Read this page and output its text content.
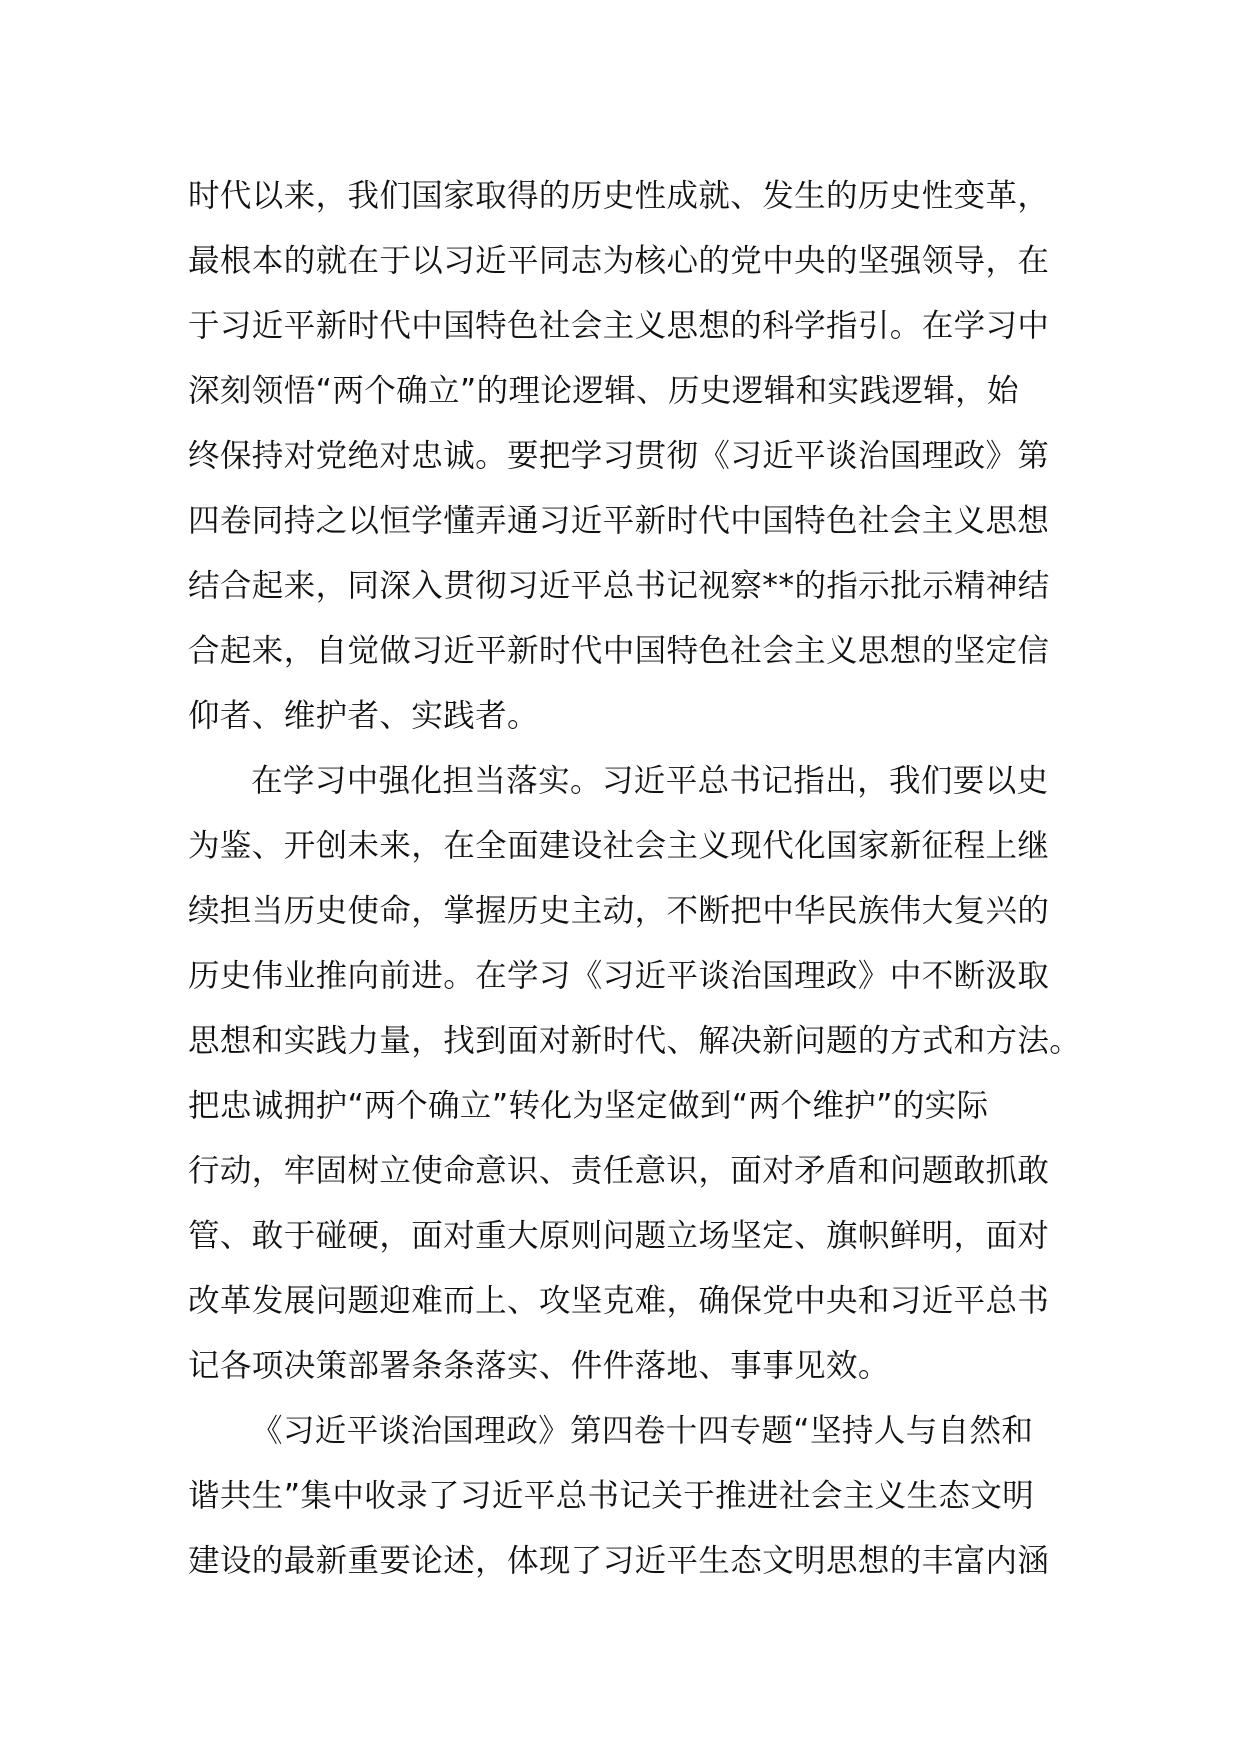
时代以来，我们国家取得的历史性成就、发生的历史性变革，
最根本的就在于以习近平同志为核心的党中央的坚强领导，在
于习近平新时代中国特色社会主义思想的科学指引。在学习中
深刻领悟“两个确立”的理论逻辑、历史逻辑和实践逻辑，始
终保持对党绝对忠诚。要把学习贯彻《习近平谈治国理政》第
四卷同持之以恒学懂弄通习近平新时代中国特色社会主义思想
结合起来，同深入贯彻习近平总书记视察**的指示批示精神结
合起来，自觉做习近平新时代中国特色社会主义思想的坚定信
仰者、维护者、实践者。
在学习中强化担当落实。习近平总书记指出，我们要以史
为鉴、开创未来，在全面建设社会主义现代化国家新征程上继
续担当历史使命，掌握历史主动，不断把中华民族伟大复兴的
历史伟业推向前进。在学习《习近平谈治国理政》中不断汲取
思想和实践力量，找到面对新时代、解决新问题的方式和方法。
把忠诚拥护“两个确立”转化为坚定做到“两个维护”的实际
行动，牢固树立使命意识、责任意识，面对矛盾和问题敢抓敢
管、敢于碰硬，面对重大原则问题立场坚定、旗帜鲜明，面对
改革发展问题迎难而上、攻坚克难，确保党中央和习近平总书
记各项决策部署条条落实、件件落地、事事见效。
《习近平谈治国理政》第四卷十四专题“坚持人与自然和
谐共生”集中收录了习近平总书记关于推进社会主义生态文明
建设的最新重要论述，体现了习近平生态文明思想的丰富内涵
